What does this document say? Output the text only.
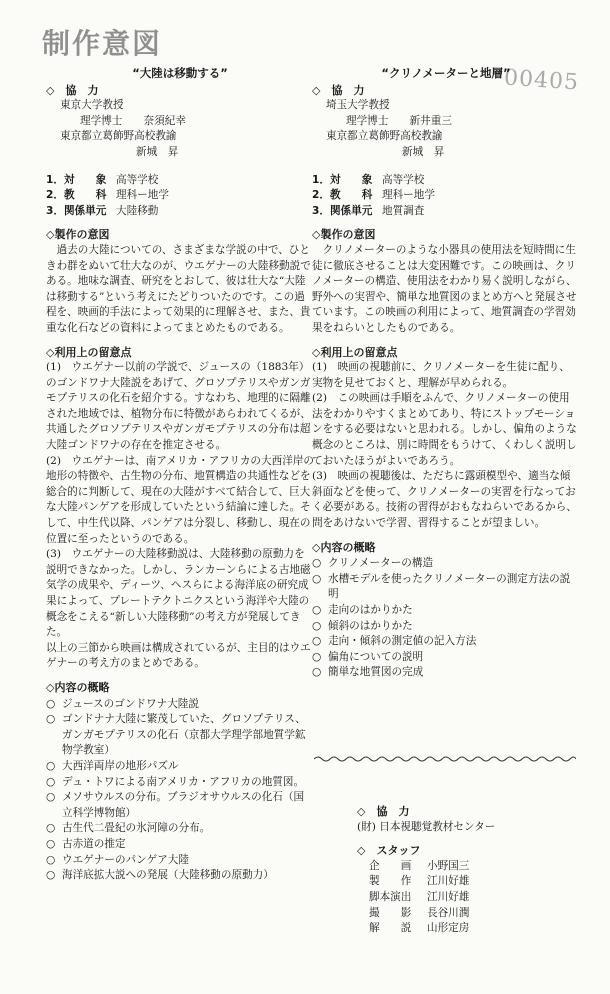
制作意図
00405
“大陸は移動する”
◇　協　力
東京大学教授
理学博士　　奈須紀幸
東京都立葛飾野高校教諭
新城　昇
1．対　　象 高等学校
2．教　　科 理科ー地学
3．関係単元 大陸移動
◇製作の意図
過去の大陸についての、さまざまな学説の中で、ひときわ群をぬいて壮大なのが、ウエゲナーの大陸移動説である。地味な調査、研究をとおして、彼は壮大な“大陸は移動する”という考えにたどりついたのです。この過程を、映画的手法によって効果的に理解させ、また、貴重な化石などの資料によってまとめたものである。
◇利用上の留意点
(1)　ウエゲナー以前の学説で、ジュースの（1883年）のゴンドワナ大陸説をあげて、グロソプテリスやガンガモプテリスの化石を紹介する。すなわち、地理的に隔離された地域では、植物分布に特徴があらわれてくるが、共通したグロソプテリスやガンガモプテリスの分布は超大陸ゴンドワナの存在を推定させる。
(2)　ウエゲナーは、南アメリカ・アフリカの大西洋岸の地形の特徴や、古生物の分布、地質構造の共通性などを総合的に判断して、現在の大陸がすべて結合して、巨大な大陸パンゲアを形成していたという結論に達した。そして、中生代以降、パンゲアは分裂し、移動し、現在の位置に至ったというのである。
(3)　ウエゲナーの大陸移動説は、大陸移動の原動力を説明できなかった。しかし、ランカーンらによる古地磁気学の成果や、ディーツ、ヘスらによる海洋底の研究成果によって、プレートテクトニクスという海洋や大陸の概念をこえる“新しい大陸移動”の考え方が発展してきた。
以上の三節から映画は構成されているが、主目的はウエゲナーの考え方のまとめである。
◇内容の概略
○ ジュースのゴンドワナ大陸説
○ ゴンドナナ大陸に繁茂していた、グロソプテリス、ガンガモプテリスの化石（京都大学理学部地質学鉱物学教室）
○ 大西洋両岸の地形パズル
○ デュ・トワによる南アメリカ・アフリカの地質図。
○ メソサウルスの分布。ブラジオサウルスの化石（国立科学博物館）
○ 古生代二畳紀の氷河障の分布。
○ 古赤道の推定
○ ウエゲナーのパンゲア大陸
○ 海洋底拡大説への発展（大陸移動の原動力）
“クリノメーターと地層”
◇　協　力
埼玉大学教授
理学博士　　新井重三
東京都立葛飾野高校教諭
新城　昇
1．対　　象 高等学校
2．教　　科 理科ー地学
3．関係単元 地質調査
◇製作の意図
クリノメーターのような小器具の使用法を短時間に生徒に徹底させることは大変困難です。この映画は、クリノメーターの構造、使用法をわかり易く説明しながら、野外への実習や、簡単な地質図のまとめ方へと発展させています。この映画の利用によって、地質調査の学習効果をねらいとしたものである。
◇利用上の留意点
(1)　映画の視聴前に、クリノメーターを生徒に配り、実物を見せておくと、理解が早められる。
(2)　この映画は手順をふんで、クリノメーターの使用法をわかりやすくまとめてあり、特にストップモーションをする必要はないと思われる。しかし、偏角のような概念のところは、別に時間をもうけて、くわしく説明しておいたほうがよいであろう。
(3)　映画の視聴後は、ただちに露頭模型や、適当な傾斜面などを使って、クリノメーターの実習を行なっておく必要がある。技術の習得がおもなねらいであるから、問をあけないで学習、習得することが望ましい。
◇内容の概略
○ クリノメーターの構造
○ 水槽モデルを使ったクリノメーターの測定方法の説明
○ 走向のはかりかた
○ 傾斜のはかりかた
○ 走向・傾斜の測定値の記入方法
○ 偏角についての説明
○ 簡単な地質図の完成
◇　協　力
(財) 日本視聴覚教材センター
◇　スタッフ
企　　画	小野国三
製　　作	江川好雄
脚本演出	江川好雄
撮　　影	長谷川潤
解　　説	山形定房
